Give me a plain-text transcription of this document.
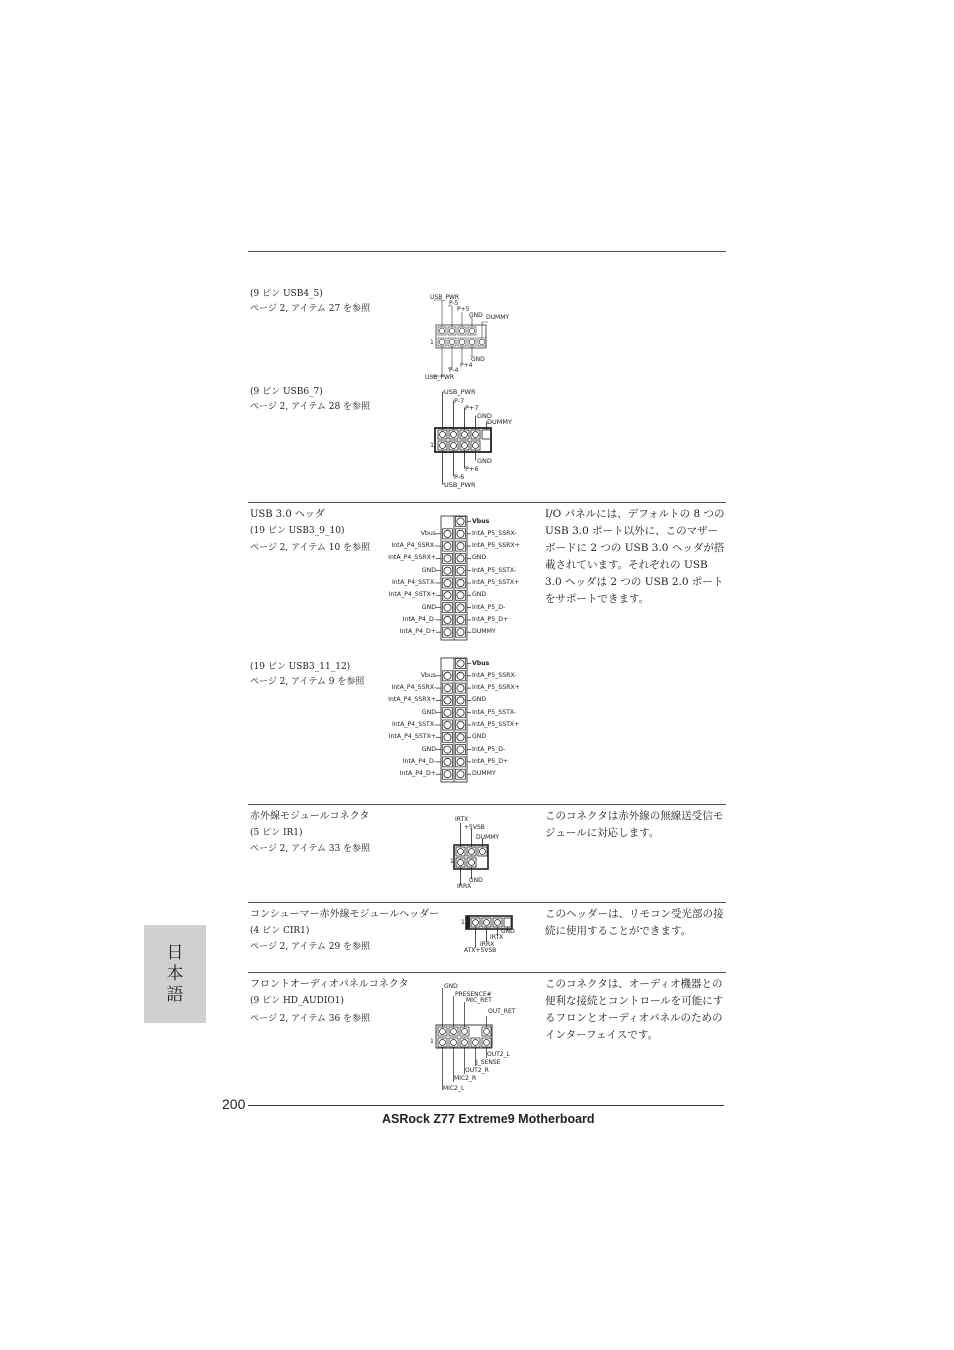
(9 ピン USB4_5)
ページ 2, アイテム 27 を参照
USB_PWR
P-5
P+5
GND DUMMY
1
GND
P+4
P-4
USB_PWR
(9 ピン USB6_7)
ページ 2, アイテム 28 を参照
USB_PWR
P-7
P+7
GND
DUMMY
1
GND
P+6
P-6
USB_PWR
USB 3.0 ヘッダ
(19 ピン USB3_9_10)
ページ 2, アイテム 10 を参照
I/O パネルには、デフォルトの 8 つの USB 3.0 ポート以外に、このマザーボードに 2 つの USB 3.0 ヘッダが搭載されています。それぞれの USB 3.0 ヘッダは 2 つの USB 2.0 ポートをサポートできます。
Vbus
Vbus	IntA_P5_SSRX-
IntA_P4_SSRX-	IntA_P5_SSRX+
IntA_P4_SSRX+	GND
GND	IntA_P5_SSTX-
IntA_P4_SSTX-	IntA_P5_SSTX+
IntA_P4_SSTX+	GND
GND	IntA_P5_D-
IntA_P4_D-	IntA_P5_D+
IntA_P4_D+	DUMMY
(19 ピン USB3_11_12)
ページ 2, アイテム 9 を参照
Vbus
Vbus	IntA_P5_SSRX-
IntA_P4_SSRX-	IntA_P5_SSRX+
IntA_P4_SSRX+	GND
GND	IntA_P5_SSTX-
IntA_P4_SSTX-	IntA_P5_SSTX+
IntA_P4_SSTX+	GND
GND	IntA_P5_D-
IntA_P4_D-	IntA_P5_D+
IntA_P4_D+	DUMMY
赤外線モジュールコネクタ
(5 ピン IR1)
ページ 2, アイテム 33 を参照
このコネクタは赤外線の無線送受信モジュールに対応します。
IRTX
+5VSB
DUMMY
1
GND
IRRX
コンシューマー赤外線モジュールヘッダー
(4 ピン CIR1)
ページ 2, アイテム 29 を参照
このヘッダーは、リモコン受光部の接続に使用することができます。
1
GND
IRTX
IRRX
ATX+5VSB
フロントオーディオパネルコネクタ
(9 ピン HD_AUDIO1)
ページ 2, アイテム 36 を参照
このコネクタは、オーディオ機器との便利な接続とコントロールを可能にするフロンとオーディオパネルのためのインターフェイスです。
GND
PRESENCE#
MIC_RET
OUT_RET
1
OUT2_L
J_SENSE
OUT2_R
MIC2_R
MIC2_L
日
本
語
200
ASRock Z77 Extreme9 Motherboard
